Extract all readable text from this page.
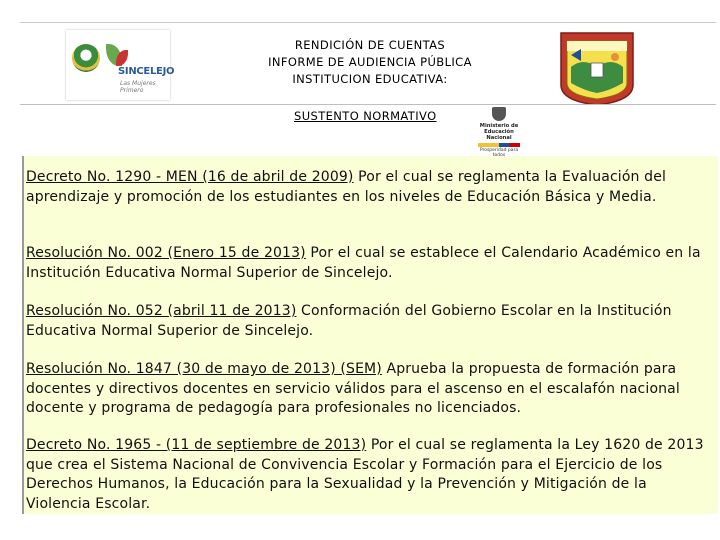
SINCELEJO
Las Mujeres Primero
RENDICIÓN DE CUENTAS
INFORME DE AUDIENCIA PÚBLICA
INSTITUCION EDUCATIVA:
SUSTENTO NORMATIVO
Ministerio de
Educación Nacional
Prosperidad para
Decreto No. 1290 - MEN (16 de abril de 2009) Por el cual se reglamenta la Evaluación del aprendizaje y promoción de los estudiantes en los niveles de Educación Básica y Media.
Resolución No. 002 (Enero 15 de 2013) Por el cual se establece el Calendario Académico en la Institución Educativa Normal Superior de Sincelejo.
Resolución No. 052 (abril 11 de 2013) Conformación del Gobierno Escolar en la Institución Educativa Normal Superior de Sincelejo.
Resolución No. 1847 (30 de mayo de 2013) (SEM) Aprueba la propuesta de formación para docentes y directivos docentes en servicio válidos para el ascenso en el escalafón nacional docente y programa de pedagogía para profesionales no licenciados.
Decreto No. 1965 - (11 de septiembre de 2013) Por el cual se reglamenta la Ley 1620 de 2013 que crea el Sistema Nacional de Convivencia Escolar y Formación para el Ejercicio de los Derechos Humanos, la Educación para la Sexualidad y la Prevención y Mitigación de la Violencia Escolar.
